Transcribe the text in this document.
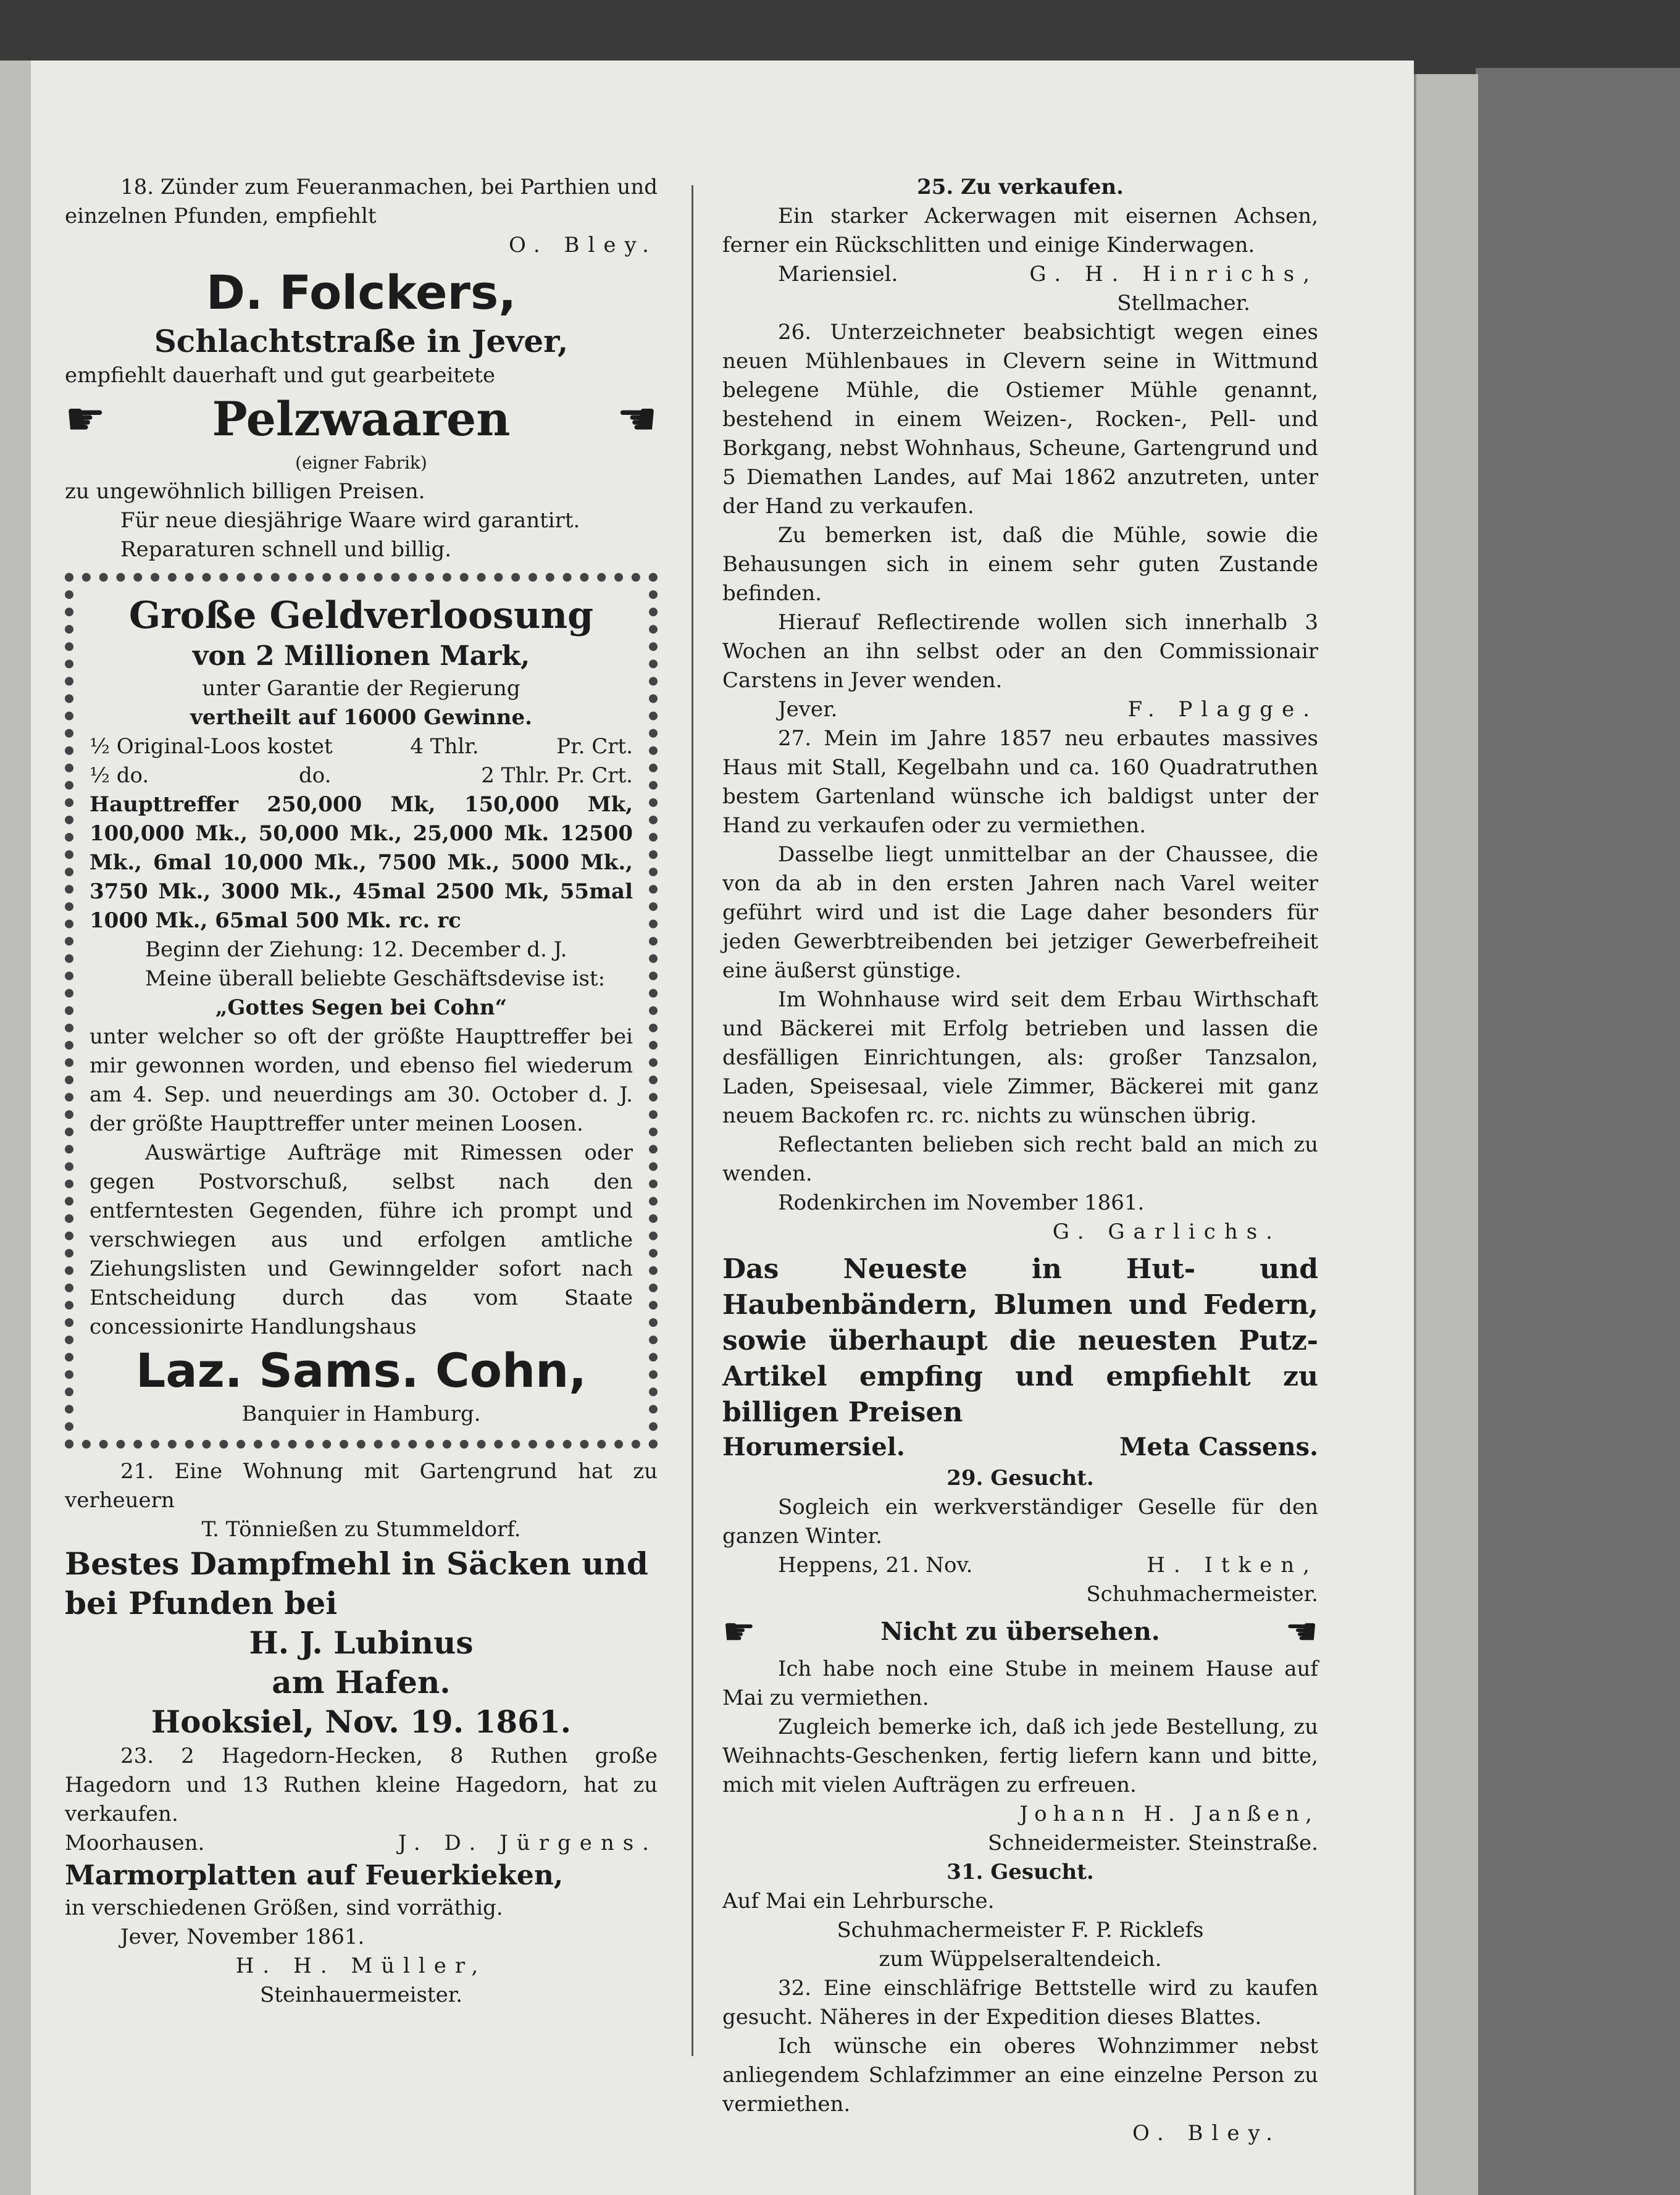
18. Zünder zum Feueranmachen, bei Parthien und einzelnen Pfunden, empfiehlt

O. Bley.

D. Folckers,

Schlachtstraße in Jever,

empfiehlt dauerhaft und gut gearbeitete

☛ Pelzwaaren ☚

(eigner Fabrik)

zu ungewöhnlich billigen Preisen.

Für neue diesjährige Waare wird garantirt.

Reparaturen schnell und billig.

Große Geldverloosung

von 2 Millionen Mark,

unter Garantie der Regierung

vertheilt auf 16000 Gewinne.

½ Original-Loos kostet	4 Thlr.	Pr. Crt.
½ do.	do.	2 Thlr. Pr. Crt.

Haupttreffer 250,000 Mk, 150,000 Mk, 100,000 Mk., 50,000 Mk., 25,000 Mk. 12500 Mk., 6mal 10,000 Mk., 7500 Mk., 5000 Mk., 3750 Mk., 3000 Mk., 45mal 2500 Mk, 55mal 1000 Mk., 65mal 500 Mk. rc. rc

Beginn der Ziehung: 12. December d. J.

Meine überall beliebte Geschäftsdevise ist:

„Gottes Segen bei Cohn“

unter welcher so oft der größte Haupttreffer bei mir gewonnen worden, und ebenso fiel wiederum am 4. Sep. und neuerdings am 30. October d. J. der größte Haupttreffer unter meinen Loosen.

Auswärtige Aufträge mit Rimessen oder gegen Postvorschuß, selbst nach den entferntesten Gegenden, führe ich prompt und verschwiegen aus und erfolgen amtliche Ziehungslisten und Gewinngelder sofort nach Entscheidung durch das vom Staate concessionirte Handlungshaus

Laz. Sams. Cohn,

Banquier in Hamburg.

21. Eine Wohnung mit Gartengrund hat zu verheuern

T. Tönnießen zu Stummeldorf.

Bestes Dampfmehl in Säcken und

bei Pfunden bei

H. J. Lubinus

am Hafen.

Hooksiel, Nov. 19. 1861.

23. 2 Hagedorn-Hecken, 8 Ruthen große Hagedorn und 13 Ruthen kleine Hagedorn, hat zu verkaufen.

Moorhausen.	J. D. Jürgens.

Marmorplatten auf Feuerkieken,

in verschiedenen Größen, sind vorräthig.

Jever, November 1861.

H. H. Müller,

Steinhauermeister.

25. Zu verkaufen.

Ein starker Ackerwagen mit eisernen Achsen, ferner ein Rückschlitten und einige Kinderwagen.

Mariensiel.	G. H. Hinrichs,

Stellmacher.

26. Unterzeichneter beabsichtigt wegen eines neuen Mühlenbaues in Clevern seine in Wittmund belegene Mühle, die Ostiemer Mühle genannt, bestehend in einem Weizen-, Rocken-, Pell- und Borkgang, nebst Wohnhaus, Scheune, Gartengrund und 5 Diemathen Landes, auf Mai 1862 anzutreten, unter der Hand zu verkaufen.

Zu bemerken ist, daß die Mühle, sowie die Behausungen sich in einem sehr guten Zustande befinden.

Hierauf Reflectirende wollen sich innerhalb 3 Wochen an ihn selbst oder an den Commissionair Carstens in Jever wenden.

Jever.	F. Plagge.

27. Mein im Jahre 1857 neu erbautes massives Haus mit Stall, Kegelbahn und ca. 160 Quadratruthen bestem Gartenland wünsche ich baldigst unter der Hand zu verkaufen oder zu vermiethen.

Dasselbe liegt unmittelbar an der Chaussee, die von da ab in den ersten Jahren nach Varel weiter geführt wird und ist die Lage daher besonders für jeden Gewerbtreibenden bei jetziger Gewerbefreiheit eine äußerst günstige.

Im Wohnhause wird seit dem Erbau Wirthschaft und Bäckerei mit Erfolg betrieben und lassen die desfälligen Einrichtungen, als: großer Tanzsalon, Laden, Speisesaal, viele Zimmer, Bäckerei mit ganz neuem Backofen rc. rc. nichts zu wünschen übrig.

Reflectanten belieben sich recht bald an mich zu wenden.

Rodenkirchen im November 1861.

G. Garlichs.

Das Neueste in Hut- und Haubenbändern, Blumen und Federn, sowie überhaupt die neuesten Putz-Artikel empfing und empfiehlt zu billigen Preisen

Horumersiel.	Meta Cassens.

29. Gesucht.

Sogleich ein werkverständiger Geselle für den ganzen Winter.

Heppens, 21. Nov.	H. Itken,

Schuhmachermeister.

☛	Nicht zu übersehen.	☚

Ich habe noch eine Stube in meinem Hause auf Mai zu vermiethen.

Zugleich bemerke ich, daß ich jede Bestellung, zu Weihnachts-Geschenken, fertig liefern kann und bitte, mich mit vielen Aufträgen zu erfreuen.

Johann H. Janßen,

Schneidermeister. Steinstraße.

31. Gesucht.

Auf Mai ein Lehrbursche.

Schuhmachermeister F. P. Ricklefs

zum Wüppelseraltendeich.

32. Eine einschläfrige Bettstelle wird zu kaufen gesucht. Näheres in der Expedition dieses Blattes.

Ich wünsche ein oberes Wohnzimmer nebst anliegendem Schlafzimmer an eine einzelne Person zu vermiethen.

O. Bley.
